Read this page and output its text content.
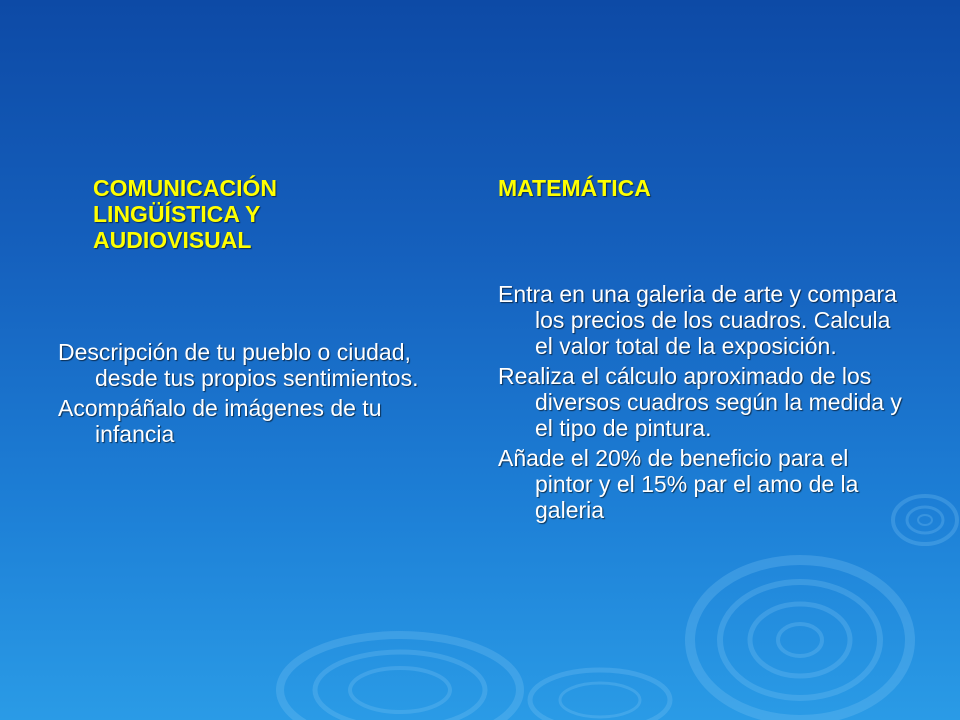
COMUNICACIÓN LINGÜÍSTICA Y AUDIOVISUAL
MATEMÁTICA

Descripción de tu pueblo o ciudad, desde tus propios sentimientos.

Acompáñalo de imágenes de tu infancia

Entra en una galeria de arte y compara los precios de los cuadros. Calcula el valor total de la exposición.

Realiza el cálculo aproximado de los diversos cuadros según la medida y el tipo de pintura.

Añade el 20% de beneficio para el pintor y el 15% par el amo de la galeria
